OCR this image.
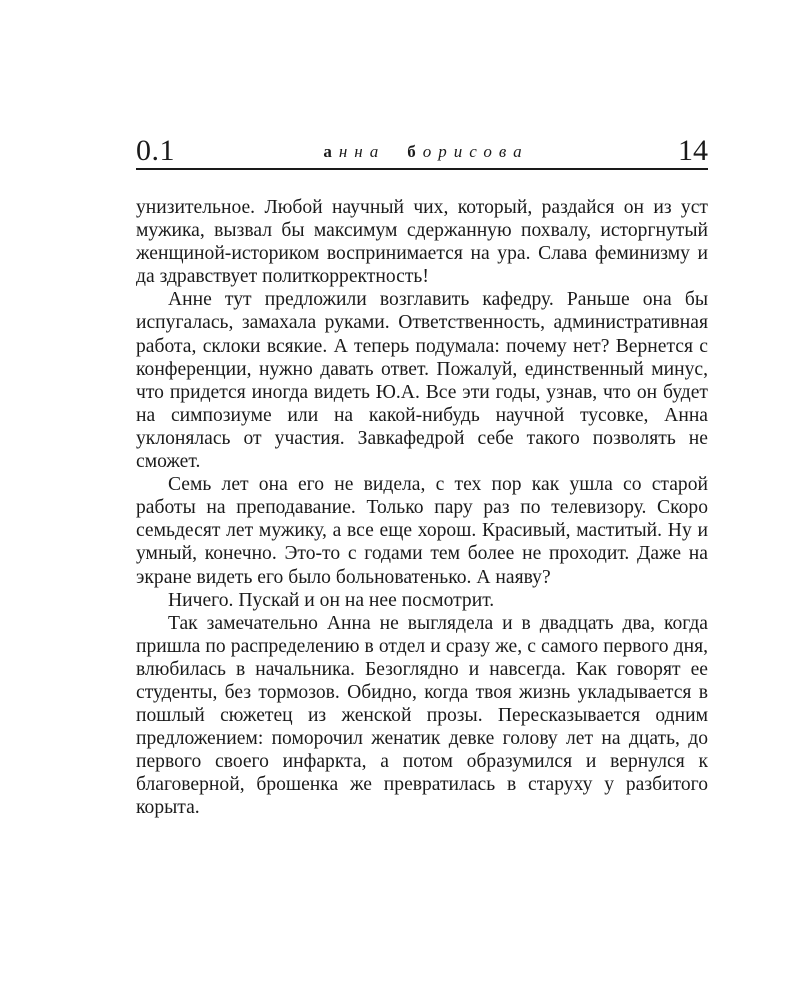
0.1	анна борисова	14

унизительное. Любой научный чих, который, раздайся он из уст мужика, вызвал бы максимум сдержанную похвалу, исторгнутый женщиной-историком воспринимается на ура. Слава феминизму и да здравствует политкорректность!

Анне тут предложили возглавить кафедру. Раньше она бы испугалась, замахала руками. Ответственность, административная работа, склоки всякие. А теперь подумала: почему нет? Вернется с конференции, нужно давать ответ. Пожалуй, единственный минус, что придется иногда видеть Ю.А. Все эти годы, узнав, что он будет на симпозиуме или на какой-нибудь научной тусовке, Анна уклонялась от участия. Завкафедрой себе такого позволять не сможет.

Семь лет она его не видела, с тех пор как ушла со старой работы на преподавание. Только пару раз по телевизору. Скоро семьдесят лет мужику, а все еще хорош. Красивый, маститый. Ну и умный, конечно. Это-то с годами тем более не проходит. Даже на экране видеть его было больноватенько. А наяву?

Ничего. Пускай и он на нее посмотрит.

Так замечательно Анна не выглядела и в двадцать два, когда пришла по распределению в отдел и сразу же, с самого первого дня, влюбилась в начальника. Безоглядно и навсегда. Как говорят ее студенты, без тормозов. Обидно, когда твоя жизнь укладывается в пошлый сюжетец из женской прозы. Пересказывается одним предложением: поморочил женатик девке голову лет на дцать, до первого своего инфаркта, а потом образумился и вернулся к благоверной, брошенка же превратилась в старуху у разбитого корыта.
